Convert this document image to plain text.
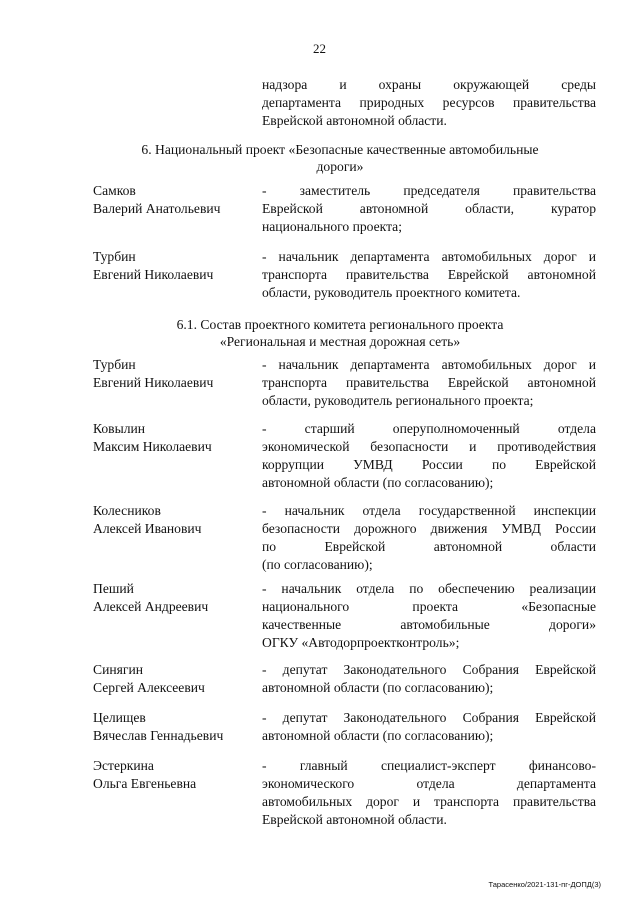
22
надзора и охраны окружающей среды
департамента природных ресурсов правительства
Еврейской автономной области.
6. Национальный проект «Безопасные качественные автомобильные
дороги»
Самков
Валерий Анатольевич
- заместитель председателя правительства
Еврейской автономной области, куратор
национального проекта;
Турбин
Евгений Николаевич
- начальник департамента автомобильных дорог и
транспорта правительства Еврейской автономной
области, руководитель проектного комитета.
6.1. Состав проектного комитета регионального проекта
«Региональная и местная дорожная сеть»
Турбин
Евгений Николаевич
- начальник департамента автомобильных дорог и
транспорта правительства Еврейской автономной
области, руководитель регионального проекта;
Ковылин
Максим Николаевич
- старший оперуполномоченный отдела
экономической безопасности и противодействия
коррупции УМВД России по Еврейской
автономной области (по согласованию);
Колесников
Алексей Иванович
- начальник отдела государственной инспекции
безопасности дорожного движения УМВД России
по Еврейской автономной области
(по согласованию);
Пеший
Алексей Андреевич
- начальник отдела по обеспечению реализации
национального проекта «Безопасные
качественные автомобильные дороги»
ОГКУ «Автодорпроектконтроль»;
Синягин
Сергей Алексеевич
- депутат Законодательного Собрания Еврейской
автономной области (по согласованию);
Целищев
Вячеслав Геннадьевич
- депутат Законодательного Собрания Еврейской
автономной области (по согласованию);
Эстеркина
Ольга Евгеньевна
- главный специалист-эксперт финансово-
экономического отдела департамента
автомобильных дорог и транспорта правительства
Еврейской автономной области.
Тарасенко/2021-131-пг-ДОПД(3)
